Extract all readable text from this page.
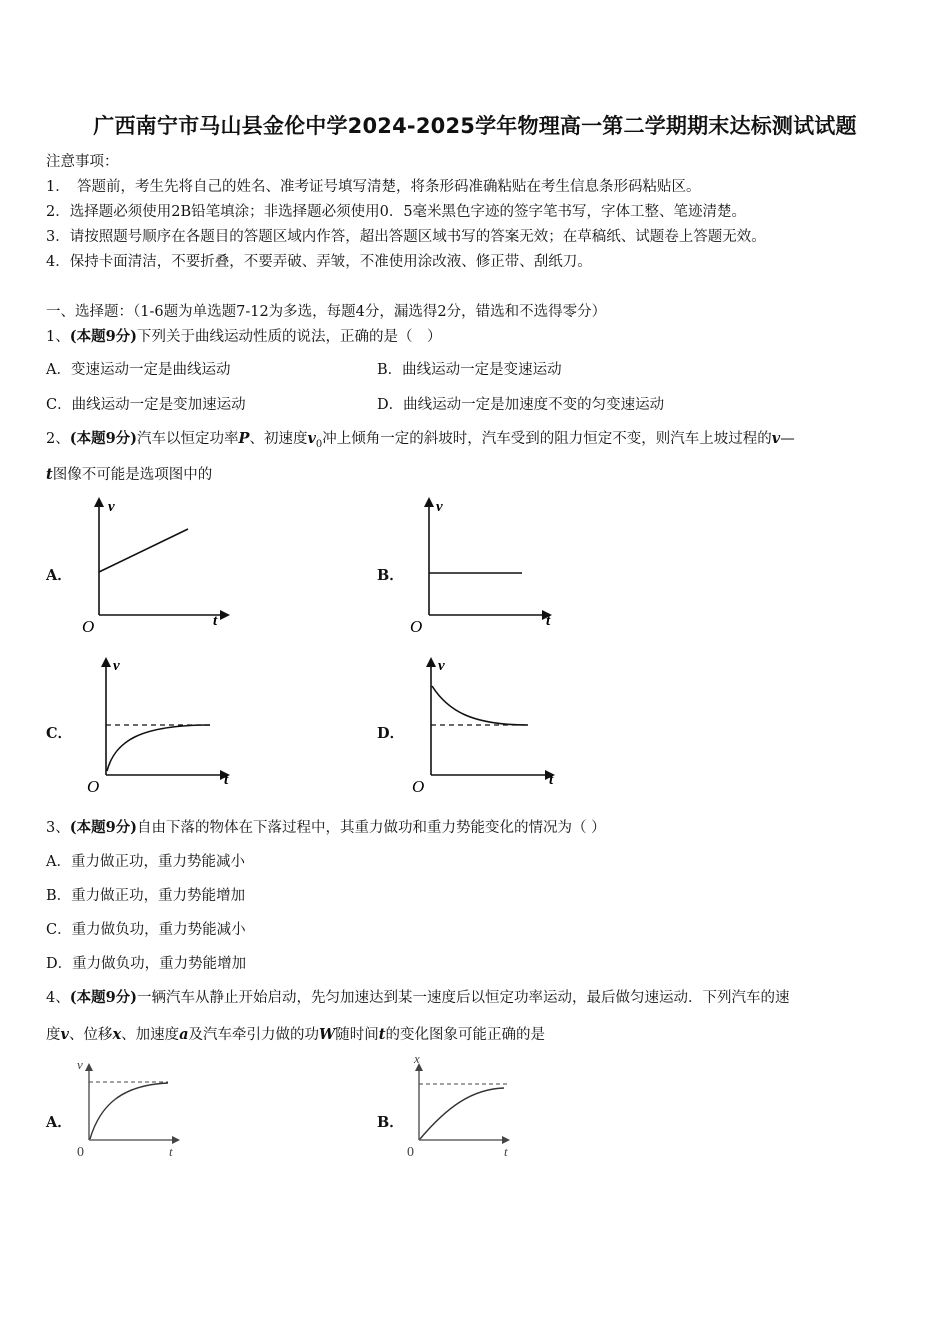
广西南宁市马山县金伦中学2024-2025学年物理高一第二学期期末达标测试试题
注意事项：
1．　答题前，考生先将自己的姓名、准考证号填写清楚，将条形码准确粘贴在考生信息条形码粘贴区。
2．选择题必须使用2B铅笔填涂；非选择题必须使用0．5毫米黑色字迹的签字笔书写，字体工整、笔迹清楚。
3．请按照题号顺序在各题目的答题区域内作答，超出答题区域书写的答案无效；在草稿纸、试题卷上答题无效。
4．保持卡面清洁，不要折叠，不要弄破、弄皱，不准使用涂改液、修正带、刮纸刀。
一、选择题：（1-6题为单选题7-12为多选，每题4分，漏选得2分，错选和不选得零分）
1、(本题9分)下列关于曲线运动性质的说法，正确的是（　）
A．变速运动一定是曲线运动	B．曲线运动一定是变速运动
C．曲线运动一定是变加速运动	D．曲线运动一定是加速度不变的匀变速运动
2、(本题9分)汽车以恒定功率P、初速度$v_0$冲上倾角一定的斜坡时，汽车受到的阻力恒定不变，则汽车上坡过程的v—
t图像不可能是选项图中的
A．	B．
C．	D．
v
t
O
v
t
O
v
t
O
v
t
O
3、(本题9分)自由下落的物体在下落过程中，其重力做功和重力势能变化的情况为（ ）
A．重力做正功，重力势能减小
B．重力做正功，重力势能增加
C．重力做负功，重力势能减小
D．重力做负功，重力势能增加
4、(本题9分)一辆汽车从静止开始启动，先匀加速达到某一速度后以恒定功率运动，最后做匀速运动．下列汽车的速
度v、位移x、加速度a及汽车牵引力做的功W随时间t的变化图象可能正确的是
A．	B．
v
t
0
x
t
0
